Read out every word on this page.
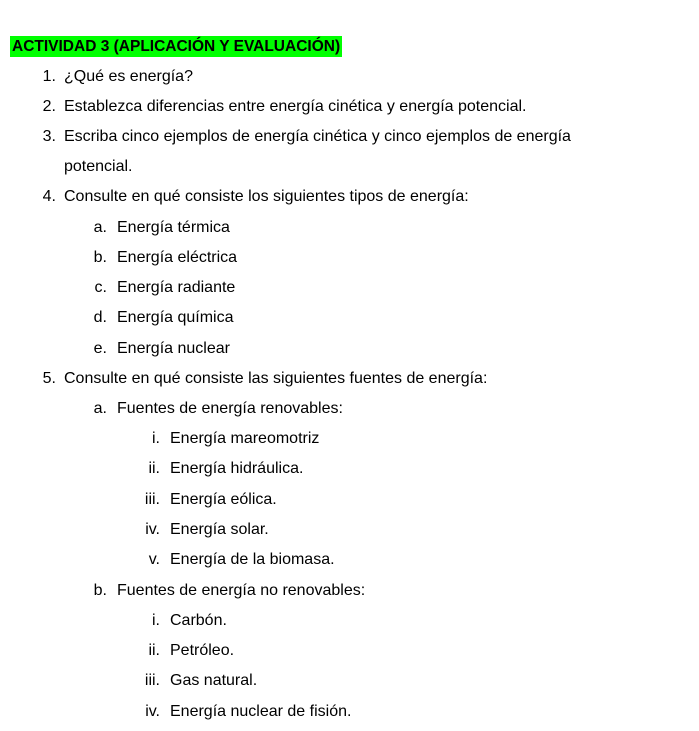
ACTIVIDAD 3 (APLICACIÓN Y EVALUACIÓN)
1. ¿Qué es energía?
2. Establezca diferencias entre energía cinética y energía potencial.
3. Escriba cinco ejemplos de energía cinética y cinco ejemplos de energía
potencial.
4. Consulte en qué consiste los siguientes tipos de energía:
a. Energía térmica
b. Energía eléctrica
c. Energía radiante
d. Energía química
e. Energía nuclear
5. Consulte en qué consiste las siguientes fuentes de energía:
a. Fuentes de energía renovables:
i. Energía mareomotriz
ii. Energía hidráulica.
iii. Energía eólica.
iv. Energía solar.
v. Energía de la biomasa.
b. Fuentes de energía no renovables:
i. Carbón.
ii. Petróleo.
iii. Gas natural.
iv. Energía nuclear de fisión.
